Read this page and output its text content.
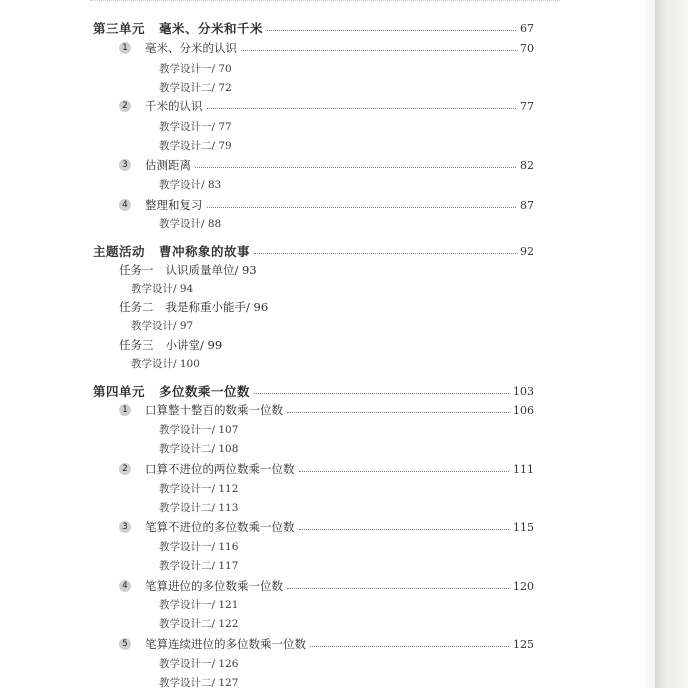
第三单元 毫米、分米和千米	67
1 毫米、分米的认识	70
教学设计一/ 70
教学设计二/ 72
2 千米的认识	77
教学设计一/ 77
教学设计二/ 79
3 估测距离	82
教学设计/ 83
4 整理和复习	87
教学设计/ 88
主题活动 曹冲称象的故事	92
任务一 认识质量单位/ 93
教学设计/ 94
任务二 我是称重小能手/ 96
教学设计/ 97
任务三 小讲堂/ 99
教学设计/ 100
第四单元 多位数乘一位数	103
1 口算整十整百的数乘一位数	106
教学设计一/ 107
教学设计二/ 108
2 口算不进位的两位数乘一位数	111
教学设计一/ 112
教学设计二/ 113
3 笔算不进位的多位数乘一位数	115
教学设计一/ 116
教学设计二/ 117
4 笔算进位的多位数乘一位数	120
教学设计一/ 121
教学设计二/ 122
5 笔算连续进位的多位数乘一位数	125
教学设计一/ 126
教学设计二/ 127
